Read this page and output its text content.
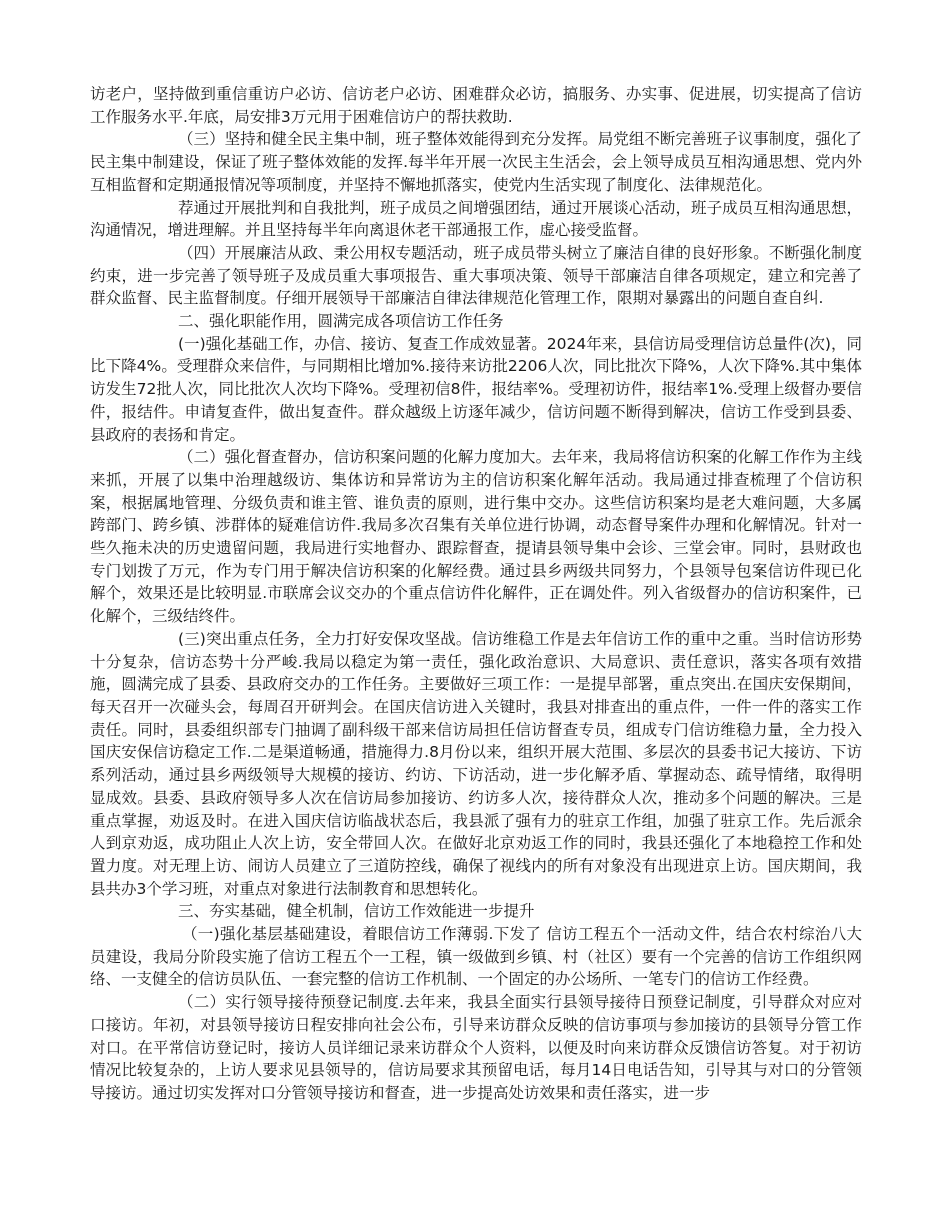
访老户，坚持做到重信重访户必访、信访老户必访、困难群众必访，搞服务、办实事、促进展，切实提高了信访工作服务水平.年底，局安排3万元用于困难信访户的帮扶救助.

（三）坚持和健全民主集中制，班子整体效能得到充分发挥。局党组不断完善班子议事制度，强化了民主集中制建设，保证了班子整体效能的发挥.每半年开展一次民主生活会，会上领导成员互相沟通思想、党内外互相监督和定期通报情况等项制度，并坚持不懈地抓落实，使党内生活实现了制度化、法律规范化。

荐通过开展批判和自我批判，班子成员之间增强团结，通过开展谈心活动，班子成员互相沟通思想，沟通情况，增进理解。并且坚持每半年向离退休老干部通报工作，虚心接受监督。

（四）开展廉洁从政、秉公用权专题活动，班子成员带头树立了廉洁自律的良好形象。不断强化制度约束，进一步完善了领导班子及成员重大事项报告、重大事项决策、领导干部廉洁自律各项规定，建立和完善了群众监督、民主监督制度。仔细开展领导干部廉洁自律法律规范化管理工作，限期对暴露出的问题自查自纠.

二、强化职能作用，圆满完成各项信访工作任务

(一)强化基础工作，办信、接访、复查工作成效显著。2024年来，县信访局受理信访总量件(次)，同比下降4%。受理群众来信件，与同期相比增加%.接待来访批2206人次，同比批次下降%，人次下降%.其中集体访发生72批人次，同比批次人次均下降%。受理初信8件，报结率%。受理初访件，报结率1%.受理上级督办要信件，报结件。申请复查件，做出复查件。群众越级上访逐年减少，信访问题不断得到解决，信访工作受到县委、县政府的表扬和肯定。

（二）强化督查督办，信访积案问题的化解力度加大。去年来，我局将信访积案的化解工作作为主线来抓，开展了以集中治理越级访、集体访和异常访为主的信访积案化解年活动。我局通过排查梳理了个信访积案，根据属地管理、分级负责和谁主管、谁负责的原则，进行集中交办。这些信访积案均是老大难问题，大多属跨部门、跨乡镇、涉群体的疑难信访件.我局多次召集有关单位进行协调，动态督导案件办理和化解情况。针对一些久拖未决的历史遗留问题，我局进行实地督办、跟踪督查，提请县领导集中会诊、三堂会审。同时，县财政也专门划拨了万元，作为专门用于解决信访积案的化解经费。通过县乡两级共同努力，个县领导包案信访件现已化解个，效果还是比较明显.市联席会议交办的个重点信访件化解件，正在调处件。列入省级督办的信访积案件，已化解个，三级结终件。

(三)突出重点任务，全力打好安保攻坚战。信访维稳工作是去年信访工作的重中之重。当时信访形势十分复杂，信访态势十分严峻.我局以稳定为第一责任，强化政治意识、大局意识、责任意识，落实各项有效措施，圆满完成了县委、县政府交办的工作任务。主要做好三项工作：一是提早部署，重点突出.在国庆安保期间，每天召开一次碰头会，每周召开研判会。在国庆信访进入关键时，我县对排查出的重点件，一件一件的落实工作责任。同时，县委组织部专门抽调了副科级干部来信访局担任信访督查专员，组成专门信访维稳力量，全力投入国庆安保信访稳定工作.二是渠道畅通，措施得力.8月份以来，组织开展大范围、多层次的县委书记大接访、下访系列活动，通过县乡两级领导大规模的接访、约访、下访活动，进一步化解矛盾、掌握动态、疏导情绪，取得明显成效。县委、县政府领导多人次在信访局参加接访、约访多人次，接待群众人次，推动多个问题的解决。三是重点掌握，劝返及时。在进入国庆信访临战状态后，我县派了强有力的驻京工作组，加强了驻京工作。先后派余人到京劝返，成功阻止人次上访，安全带回人次。在做好北京劝返工作的同时，我县还强化了本地稳控工作和处置力度。对无理上访、闹访人员建立了三道防控线，确保了视线内的所有对象没有出现进京上访。国庆期间，我县共办3个学习班，对重点对象进行法制教育和思想转化。

三、夯实基础，健全机制，信访工作效能进一步提升

（一)强化基层基础建设，着眼信访工作薄弱.下发了 信访工程五个一活动文件，结合农村综治八大员建设，我局分阶段实施了信访工程五个一工程，镇一级做到乡镇、村（社区）要有一个完善的信访工作组织网络、一支健全的信访员队伍、一套完整的信访工作机制、一个固定的办公场所、一笔专门的信访工作经费。

（二）实行领导接待预登记制度.去年来，我县全面实行县领导接待日预登记制度，引导群众对应对口接访。年初，对县领导接访日程安排向社会公布，引导来访群众反映的信访事项与参加接访的县领导分管工作对口。在平常信访登记时，接访人员详细记录来访群众个人资料，以便及时向来访群众反馈信访答复。对于初访情况比较复杂的，上访人要求见县领导的，信访局要求其预留电话，每月14日电话告知，引导其与对口的分管领导接访。通过切实发挥对口分管领导接访和督查，进一步提高处访效果和责任落实，进一步
